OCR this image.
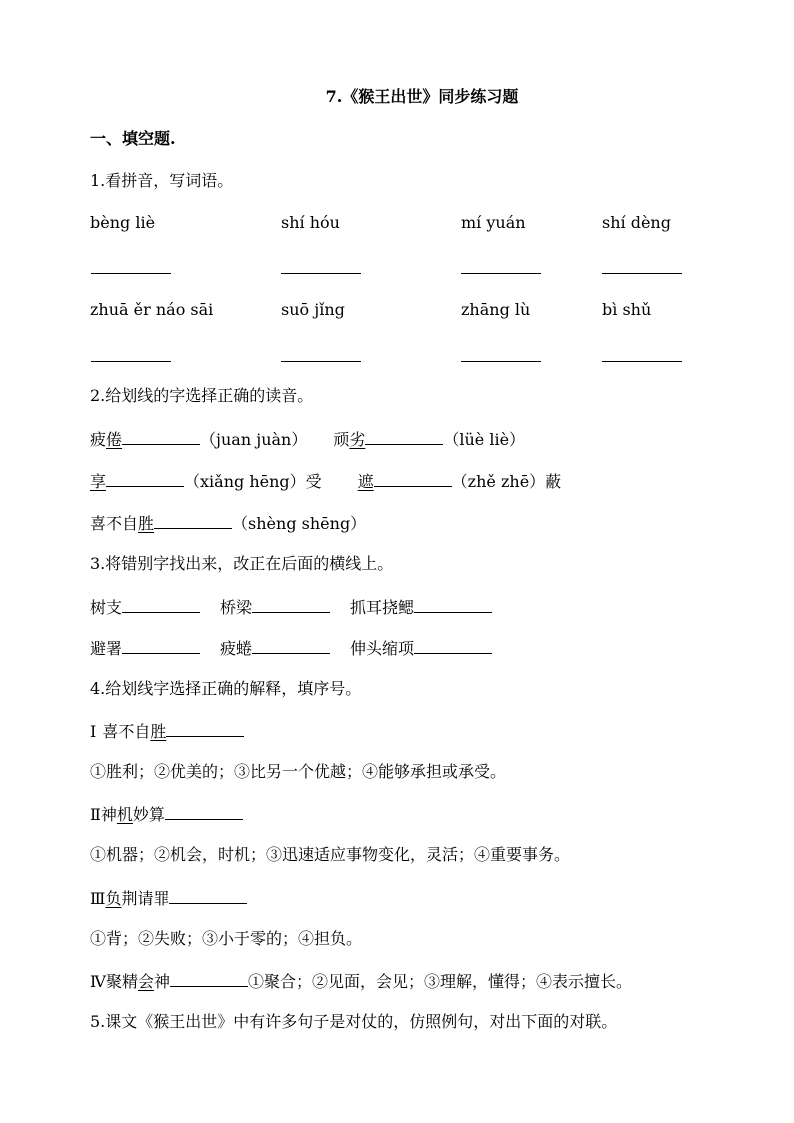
7.《猴王出世》同步练习题
一、填空题.
1.看拼音，写词语。
bèng liè	shí hóu	mí yuán	shí dèng
zhuā ěr náo sāi	suō jǐng	zhāng lù	bì shǔ
2.给划线的字选择正确的读音。
疲倦	（juan juàn） 顽劣	（lüè liè）
享	（xiǎng hēng）受 遮	（zhě zhē）蔽
喜不自胜	（shèng shēng）
3.将错别字找出来，改正在后面的横线上。
树支	桥梁	抓耳挠鳃
避署	疲蜷	伸头缩项
4.给划线字选择正确的解释，填序号。
Ⅰ 喜不自胜
①胜利；②优美的；③比另一个优越；④能够承担或承受。
Ⅱ神机妙算
①机器；②机会，时机；③迅速适应事物变化，灵活；④重要事务。
Ⅲ负荆请罪
①背；②失败；③小于零的；④担负。
Ⅳ聚精会神	①聚合；②见面，会见；③理解，懂得；④表示擅长。
5.课文《猴王出世》中有许多句子是对仗的，仿照例句，对出下面的对联。
